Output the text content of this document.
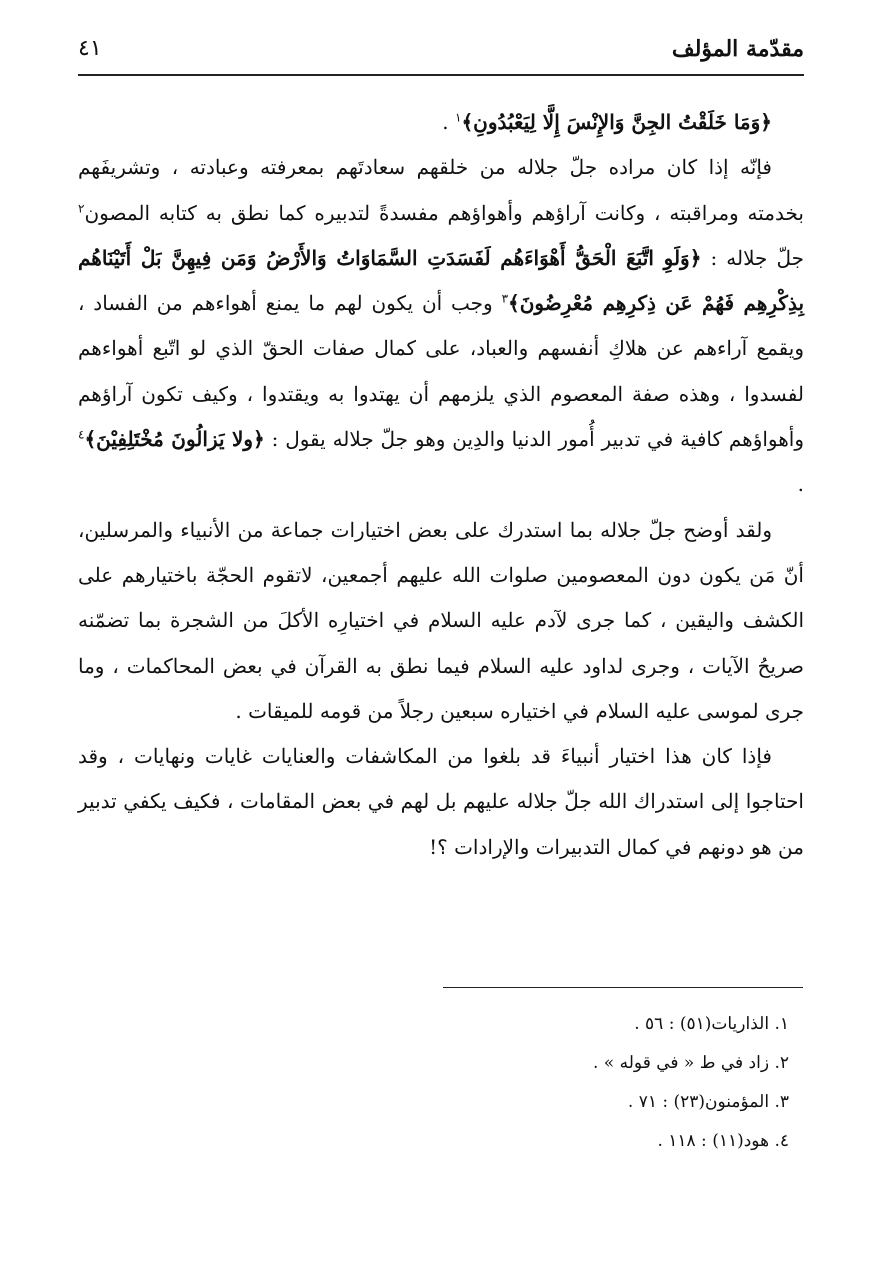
مقدّمة المؤلف
٤١

﴿وَمَا خَلَقْتُ الجِنَّ وَالإِنْسَ إِلَّا لِيَعْبُدُونِ﴾$^١$ .

فإنّه إذا كان مراده جلّ جلاله من خلقهم سعادتَهم بمعرفته وعبادته ، وتشريفَهم بخدمته ومراقبته ، وكانت آراؤهم وأهواؤهم مفسدةً لتدبيره كما نطق به كتابه المصون$^٢$ جلّ جلاله : ﴿وَلَوِ اتَّبَعَ الْحَقُّ أَهْوَاءَهُم لَفَسَدَتِ السَّمَاوَاتُ وَالأَرْضُ وَمَن فِيهِنَّ بَلْ أَتَيْنَاهُم بِذِكْرِهِم فَهُمْ عَن ذِكرِهِم مُعْرِضُونَ﴾$^٣$ وجب أن يكون لهم ما يمنع أهواءهم من الفساد ، ويقمع آراءهم عن هلاكِ أنفسهم والعباد، على كمال صفات الحقّ الذي لو اتّبع أهواءهم لفسدوا ، وهذه صفة المعصوم الذي يلزمهم أن يهتدوا به ويقتدوا ، وكيف تكون آراؤهم وأهواؤهم كافية في تدبير أُمور الدنيا والدِين وهو جلّ جلاله يقول : ﴿ولا يَزالُونَ مُخْتَلِفِيْنَ﴾$^٤$ .

ولقد أوضح جلّ جلاله بما استدرك على بعض اختيارات جماعة من الأنبياء والمرسلين، أنّ مَن يكون دون المعصومين صلوات الله عليهم أجمعين، لاتقوم الحجّة باختيارهم على الكشف واليقين ، كما جرى لآدم عليه السلام في اختيارِه الأكلَ من الشجرة بما تضمّنه صريحُ الآيات ، وجرى لداود عليه السلام فيما نطق به القرآن في بعض المحاكمات ، وما جرى لموسى عليه السلام في اختياره سبعين رجلاً من قومه للميقات .

فإذا كان هذا اختيار أنبياءَ قد بلغوا من المكاشفات والعنايات غايات ونهايات ، وقد احتاجوا إلى استدراك الله جلّ جلاله عليهم بل لهم في بعض المقامات ، فكيف يكفي تدبير من هو دونهم في كمال التدبيرات والإرادات ؟!

١. الذاريات(٥١) : ٥٦ .
٢. زاد في ط « في قوله » .
٣. المؤمنون(٢٣) : ٧١ .
٤. هود(١١) : ١١٨ .
